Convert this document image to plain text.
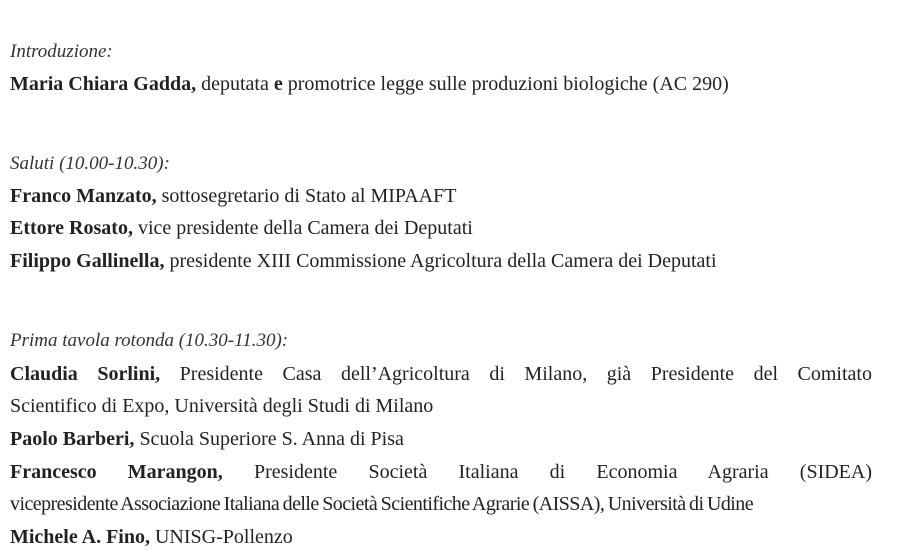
Introduzione:
Maria Chiara Gadda, deputata e promotrice legge sulle produzioni biologiche (AC 290)
Saluti (10.00-10.30):
Franco Manzato, sottosegretario di Stato al MIPAAFT
Ettore Rosato, vice presidente della Camera dei Deputati
Filippo Gallinella, presidente XIII Commissione Agricoltura della Camera dei Deputati
Prima tavola rotonda (10.30-11.30):
Claudia Sorlini, Presidente Casa dell’Agricoltura di Milano, già Presidente del Comitato
Scientifico di Expo, Università degli Studi di Milano
Paolo Barberi, Scuola Superiore S. Anna di Pisa
Francesco Marangon, Presidente Società Italiana di Economia Agraria (SIDEA)
vicepresidente Associazione Italiana delle Società Scientifiche Agrarie (AISSA), Università di Udine
Michele A. Fino, UNISG-Pollenzo
